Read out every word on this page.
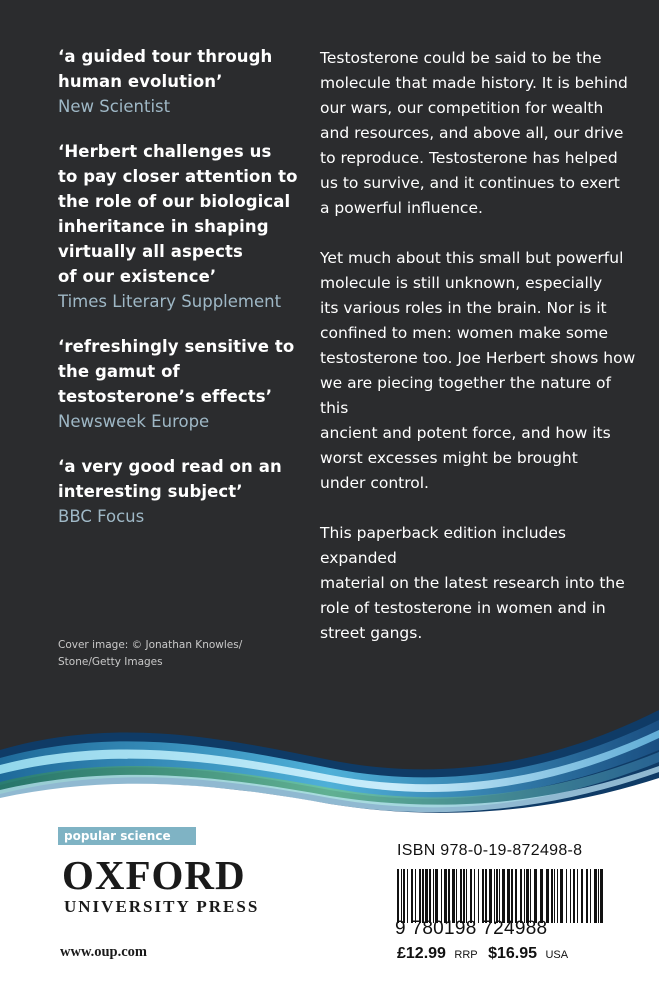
‘a guided tour through
human evolution’
New Scientist
‘Herbert challenges us
to pay closer attention to
the role of our biological
inheritance in shaping
virtually all aspects
of our existence’
Times Literary Supplement
‘refreshingly sensitive to
the gamut of
testosterone’s effects’
Newsweek Europe
‘a very good read on an
interesting subject’
BBC Focus

Testosterone could be said to be the
molecule that made history. It is behind
our wars, our competition for wealth
and resources, and above all, our drive
to reproduce. Testosterone has helped
us to survive, and it continues to exert
a powerful influence.

Yet much about this small but powerful
molecule is still unknown, especially
its various roles in the brain. Nor is it
confined to men: women make some
testosterone too. Joe Herbert shows how
we are piecing together the nature of this
ancient and potent force, and how its
worst excesses might be brought
under control.

This paperback edition includes expanded
material on the latest research into the
role of testosterone in women and in
street gangs.

Cover image: © Jonathan Knowles/
Stone/Getty Images
popular science
OXFORD
UNIVERSITY PRESS
www.oup.com
ISBN 978-0-19-872498-8
9 780198 724988
£12.99 RRP $16.95 USA
